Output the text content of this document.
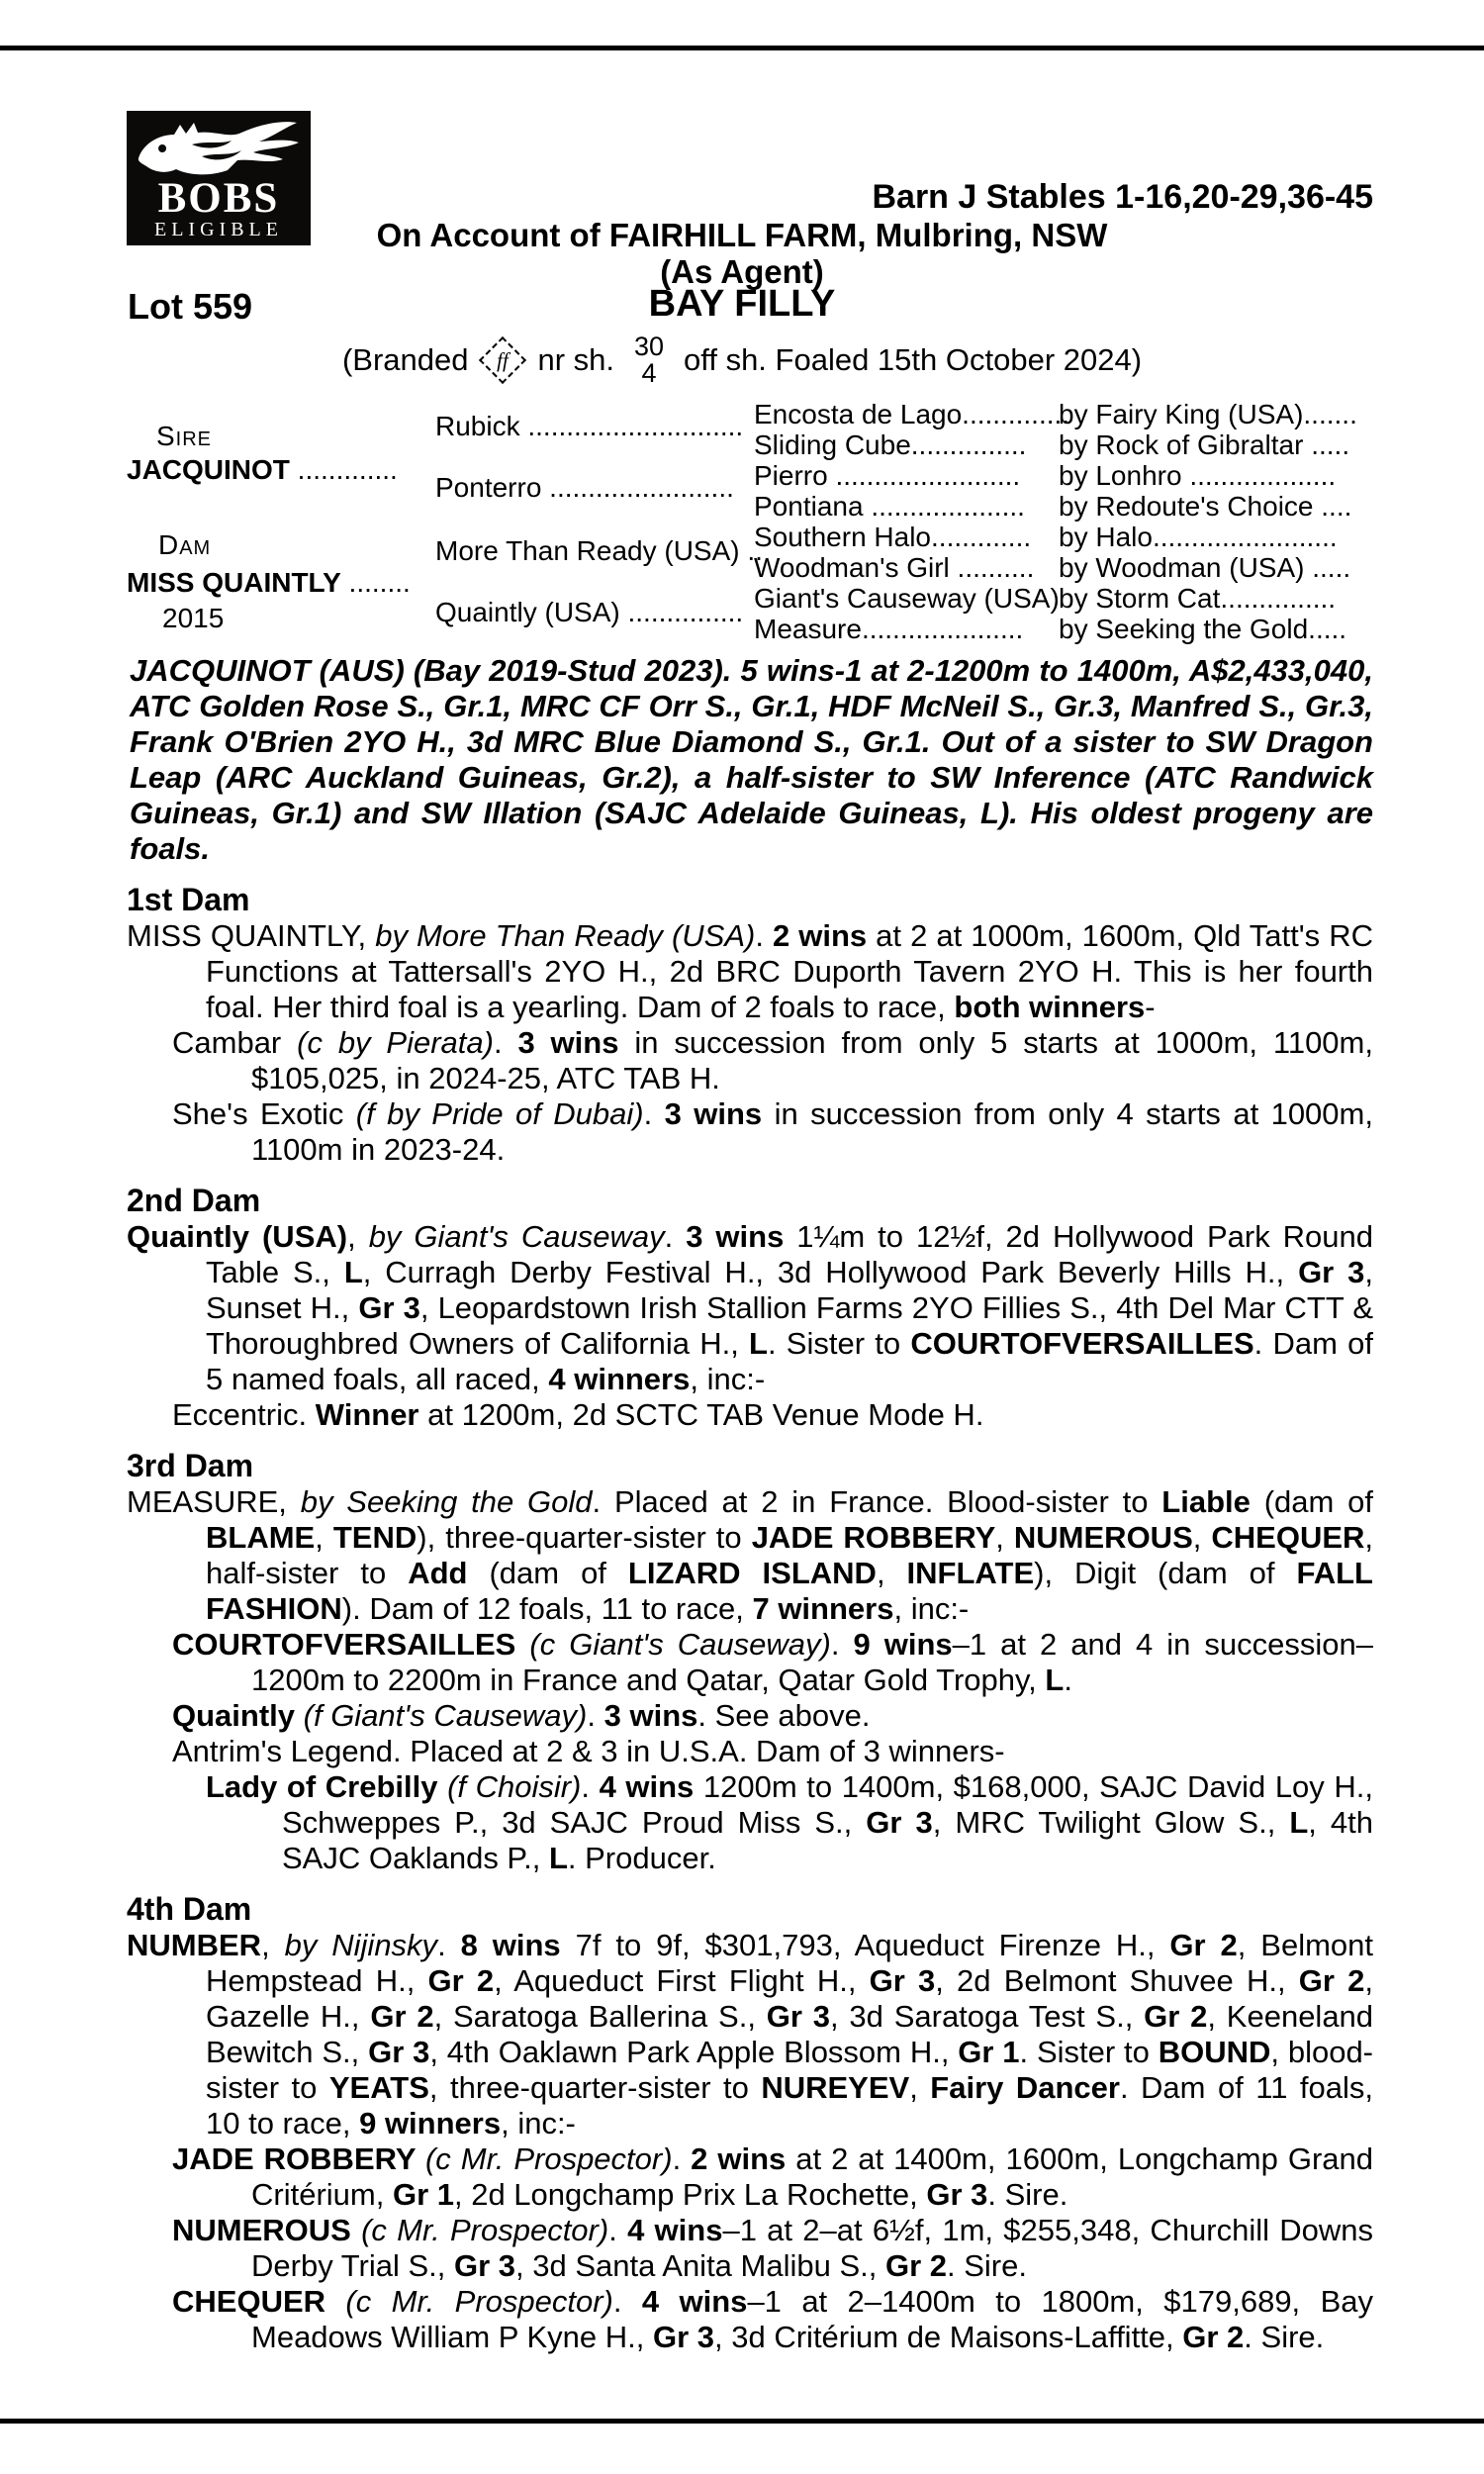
BOBS
ELIGIBLE
Barn J Stables 1-16,20-29,36-45
On Account of FAIRHILL FARM, Mulbring, NSW
(As Agent)
Lot 559	BAY FILLY
(Branded	ff nr sh. 30
4 off sh. Foaled 15th October 2024)
Sire
JACQUINOT .............
Dam
MISS QUAINTLY ........
2015
Rubick ............................
Ponterro ........................
More Than Ready (USA) ..
Quaintly (USA) ...............
Encosta de Lago..............
Sliding Cube...............
Pierro ........................
Pontiana ....................
Southern Halo.............
Woodman's Girl ..........
Giant's Causeway (USA)
Measure.....................
by Fairy King (USA).......
by Rock of Gibraltar .....
by Lonhro ...................
by Redoute's Choice ....
by Halo........................
by Woodman (USA) .....
by Storm Cat...............
by Seeking the Gold.....

JACQUINOT (AUS) (Bay 2019-Stud 2023). 5 wins-1 at 2-1200m to 1400m, A$2,433,040, ATC Golden Rose S., Gr.1, MRC CF Orr S., Gr.1, HDF McNeil S., Gr.3, Manfred S., Gr.3, Frank O'Brien 2YO H., 3d MRC Blue Diamond S., Gr.1. Out of a sister to SW Dragon Leap (ARC Auckland Guineas, Gr.2), a half-sister to SW Inference (ATC Randwick Guineas, Gr.1) and SW Illation (SAJC Adelaide Guineas, L). His oldest progeny are foals.

1st Dam

MISS QUAINTLY, by More Than Ready (USA). 2 wins at 2 at 1000m, 1600m, Qld Tatt's RC Functions at Tattersall's 2YO H., 2d BRC Duporth Tavern 2YO H. This is her fourth foal. Her third foal is a yearling. Dam of 2 foals to race, both winners-

Cambar (c by Pierata). 3 wins in succession from only 5 starts at 1000m, 1100m, $105,025, in 2024-25, ATC TAB H.

She's Exotic (f by Pride of Dubai). 3 wins in succession from only 4 starts at 1000m, 1100m in 2023-24.

2nd Dam

Quaintly (USA), by Giant's Causeway. 3 wins 1¼m to 12½f, 2d Hollywood Park Round Table S., L, Curragh Derby Festival H., 3d Hollywood Park Beverly Hills H., Gr 3, Sunset H., Gr 3, Leopardstown Irish Stallion Farms 2YO Fillies S., 4th Del Mar CTT & Thoroughbred Owners of California H., L. Sister to COURTOFVERSAILLES. Dam of 5 named foals, all raced, 4 winners, inc:-

Eccentric. Winner at 1200m, 2d SCTC TAB Venue Mode H.

3rd Dam

MEASURE, by Seeking the Gold. Placed at 2 in France. Blood-sister to Liable (dam of BLAME, TEND), three-quarter-sister to JADE ROBBERY, NUMEROUS, CHEQUER, half-sister to Add (dam of LIZARD ISLAND, INFLATE), Digit (dam of FALL FASHION). Dam of 12 foals, 11 to race, 7 winners, inc:-

COURTOFVERSAILLES (c Giant's Causeway). 9 wins–1 at 2 and 4 in succession–1200m to 2200m in France and Qatar, Qatar Gold Trophy, L.

Quaintly (f Giant's Causeway). 3 wins. See above.

Antrim's Legend. Placed at 2 & 3 in U.S.A. Dam of 3 winners-

Lady of Crebilly (f Choisir). 4 wins 1200m to 1400m, $168,000, SAJC David Loy H., Schweppes P., 3d SAJC Proud Miss S., Gr 3, MRC Twilight Glow S., L, 4th SAJC Oaklands P., L. Producer.

4th Dam

NUMBER, by Nijinsky. 8 wins 7f to 9f, $301,793, Aqueduct Firenze H., Gr 2, Belmont Hempstead H., Gr 2, Aqueduct First Flight H., Gr 3, 2d Belmont Shuvee H., Gr 2, Gazelle H., Gr 2, Saratoga Ballerina S., Gr 3, 3d Saratoga Test S., Gr 2, Keeneland Bewitch S., Gr 3, 4th Oaklawn Park Apple Blossom H., Gr 1. Sister to BOUND, blood-sister to YEATS, three-quarter-sister to NUREYEV, Fairy Dancer. Dam of 11 foals, 10 to race, 9 winners, inc:-

JADE ROBBERY (c Mr. Prospector). 2 wins at 2 at 1400m, 1600m, Longchamp Grand Critérium, Gr 1, 2d Longchamp Prix La Rochette, Gr 3. Sire.

NUMEROUS (c Mr. Prospector). 4 wins–1 at 2–at 6½f, 1m, $255,348, Churchill Downs Derby Trial S., Gr 3, 3d Santa Anita Malibu S., Gr 2. Sire.

CHEQUER (c Mr. Prospector). 4 wins–1 at 2–1400m to 1800m, $179,689, Bay Meadows William P Kyne H., Gr 3, 3d Critérium de Maisons-Laffitte, Gr 2. Sire.
